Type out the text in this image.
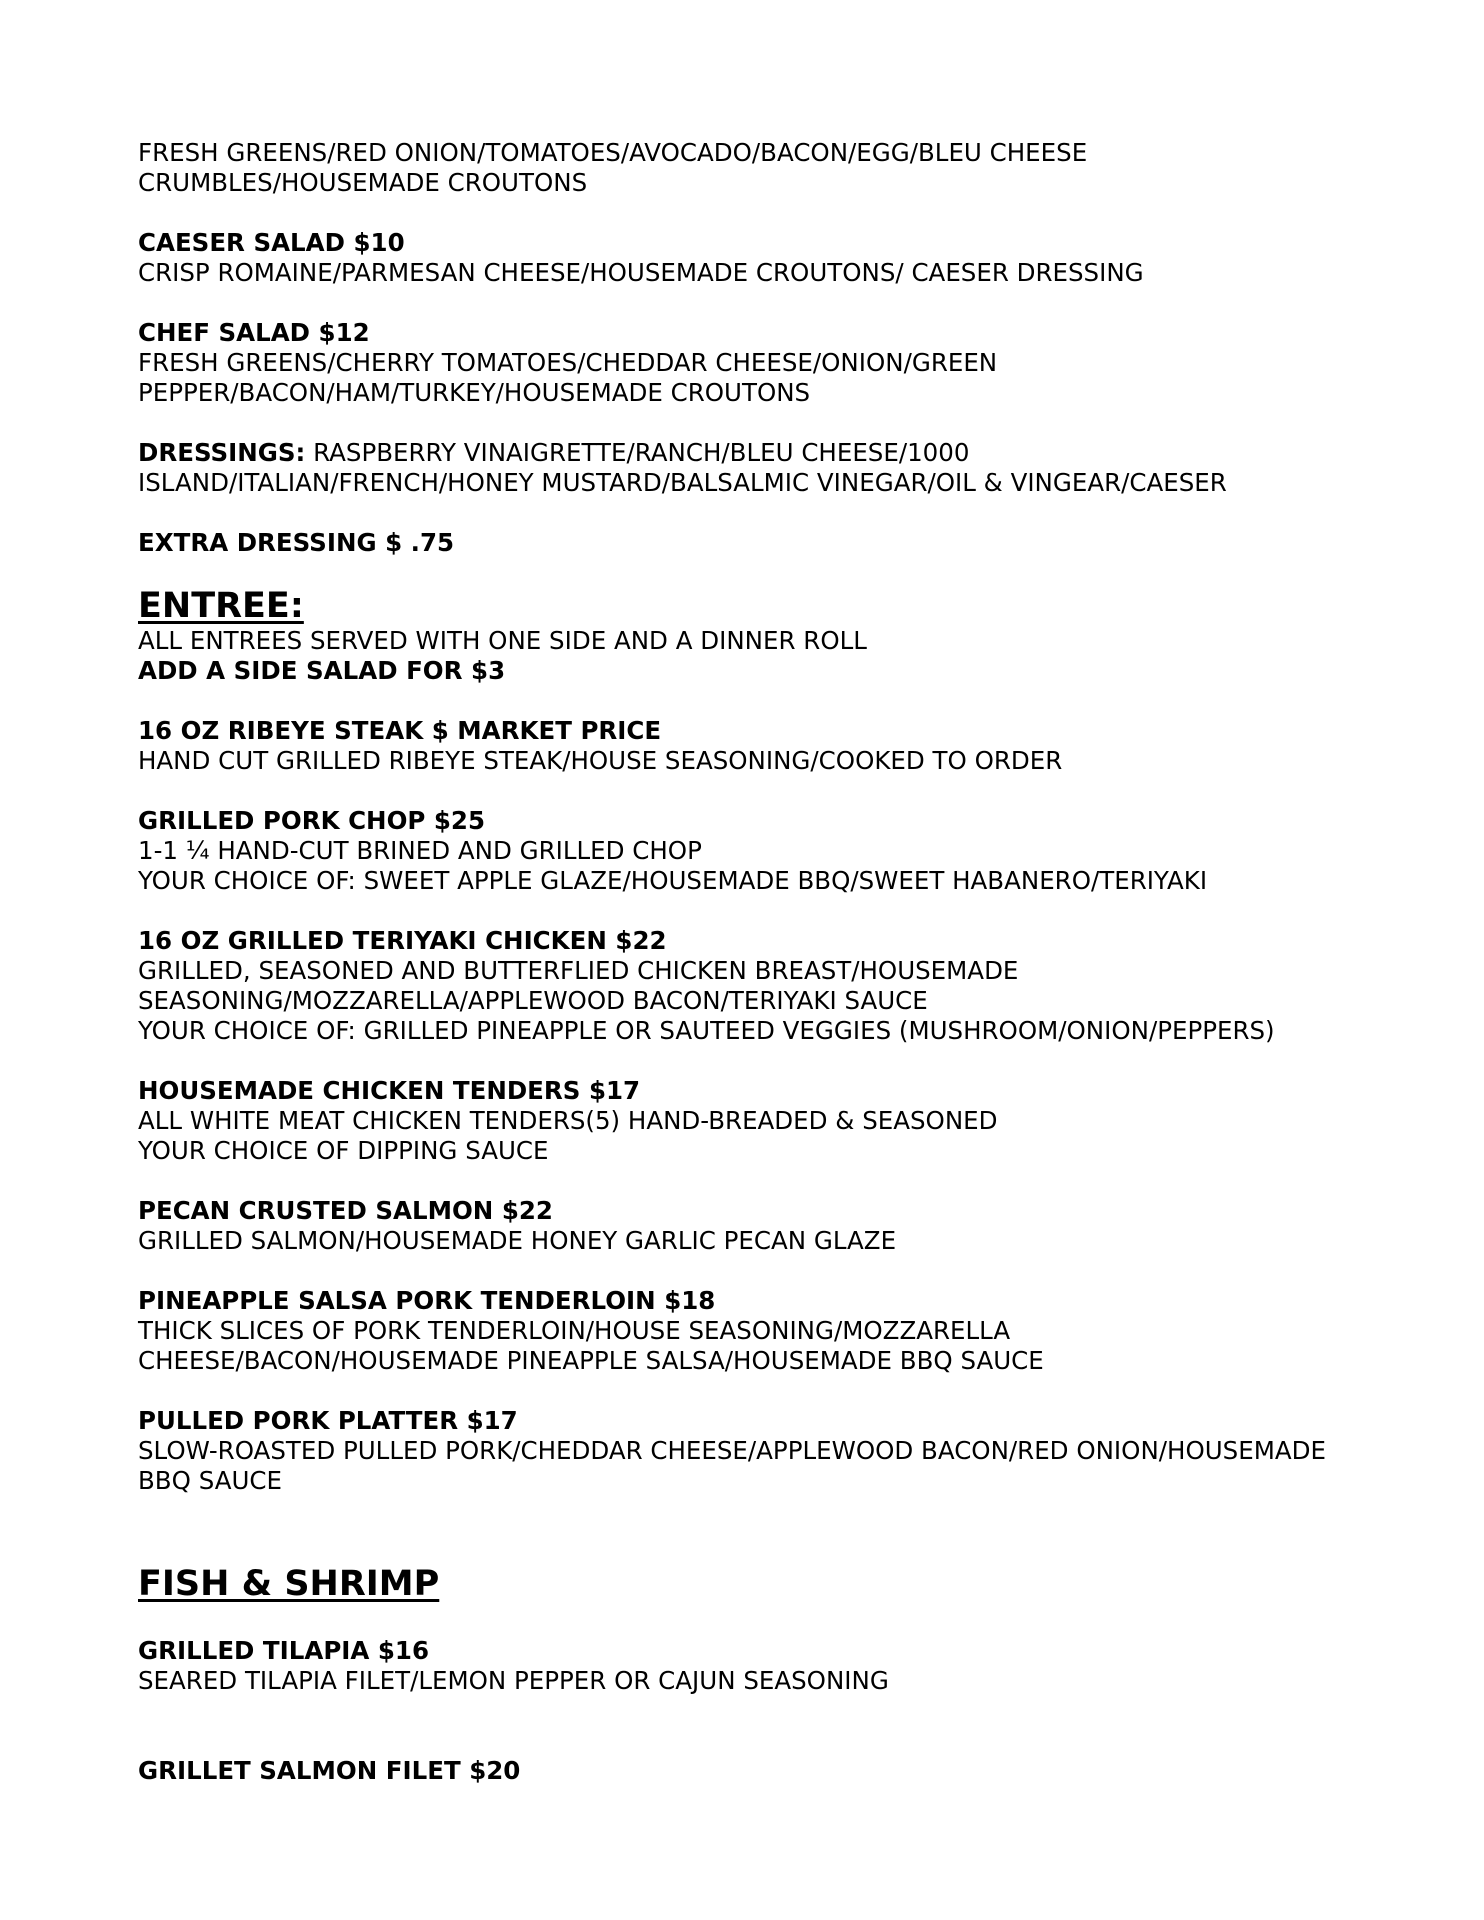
FRESH GREENS/RED ONION/TOMATOES/AVOCADO/BACON/EGG/BLEU CHEESE
CRUMBLES/HOUSEMADE CROUTONS
CAESER SALAD $10
CRISP ROMAINE/PARMESAN CHEESE/HOUSEMADE CROUTONS/ CAESER DRESSING
CHEF SALAD $12
FRESH GREENS/CHERRY TOMATOES/CHEDDAR CHEESE/ONION/GREEN
PEPPER/BACON/HAM/TURKEY/HOUSEMADE CROUTONS
DRESSINGS: RASPBERRY VINAIGRETTE/RANCH/BLEU CHEESE/1000
ISLAND/ITALIAN/FRENCH/HONEY MUSTARD/BALSALMIC VINEGAR/OIL & VINGEAR/CAESER
EXTRA DRESSING $ .75
ENTREE:
ALL ENTREES SERVED WITH ONE SIDE AND A DINNER ROLL
ADD A SIDE SALAD FOR $3
16 OZ RIBEYE STEAK $ MARKET PRICE
HAND CUT GRILLED RIBEYE STEAK/HOUSE SEASONING/COOKED TO ORDER
GRILLED PORK CHOP $25
1-1 ¼ HAND-CUT BRINED AND GRILLED CHOP
YOUR CHOICE OF: SWEET APPLE GLAZE/HOUSEMADE BBQ/SWEET HABANERO/TERIYAKI
16 OZ GRILLED TERIYAKI CHICKEN $22
GRILLED, SEASONED AND BUTTERFLIED CHICKEN BREAST/HOUSEMADE
SEASONING/MOZZARELLA/APPLEWOOD BACON/TERIYAKI SAUCE
YOUR CHOICE OF: GRILLED PINEAPPLE OR SAUTEED VEGGIES (MUSHROOM/ONION/PEPPERS)
HOUSEMADE CHICKEN TENDERS $17
ALL WHITE MEAT CHICKEN TENDERS(5) HAND-BREADED & SEASONED
YOUR CHOICE OF DIPPING SAUCE
PECAN CRUSTED SALMON $22
GRILLED SALMON/HOUSEMADE HONEY GARLIC PECAN GLAZE
PINEAPPLE SALSA PORK TENDERLOIN $18
THICK SLICES OF PORK TENDERLOIN/HOUSE SEASONING/MOZZARELLA
CHEESE/BACON/HOUSEMADE PINEAPPLE SALSA/HOUSEMADE BBQ SAUCE
PULLED PORK PLATTER $17
SLOW-ROASTED PULLED PORK/CHEDDAR CHEESE/APPLEWOOD BACON/RED ONION/HOUSEMADE
BBQ SAUCE
FISH & SHRIMP
GRILLED TILAPIA $16
SEARED TILAPIA FILET/LEMON PEPPER OR CAJUN SEASONING
GRILLET SALMON FILET $20
